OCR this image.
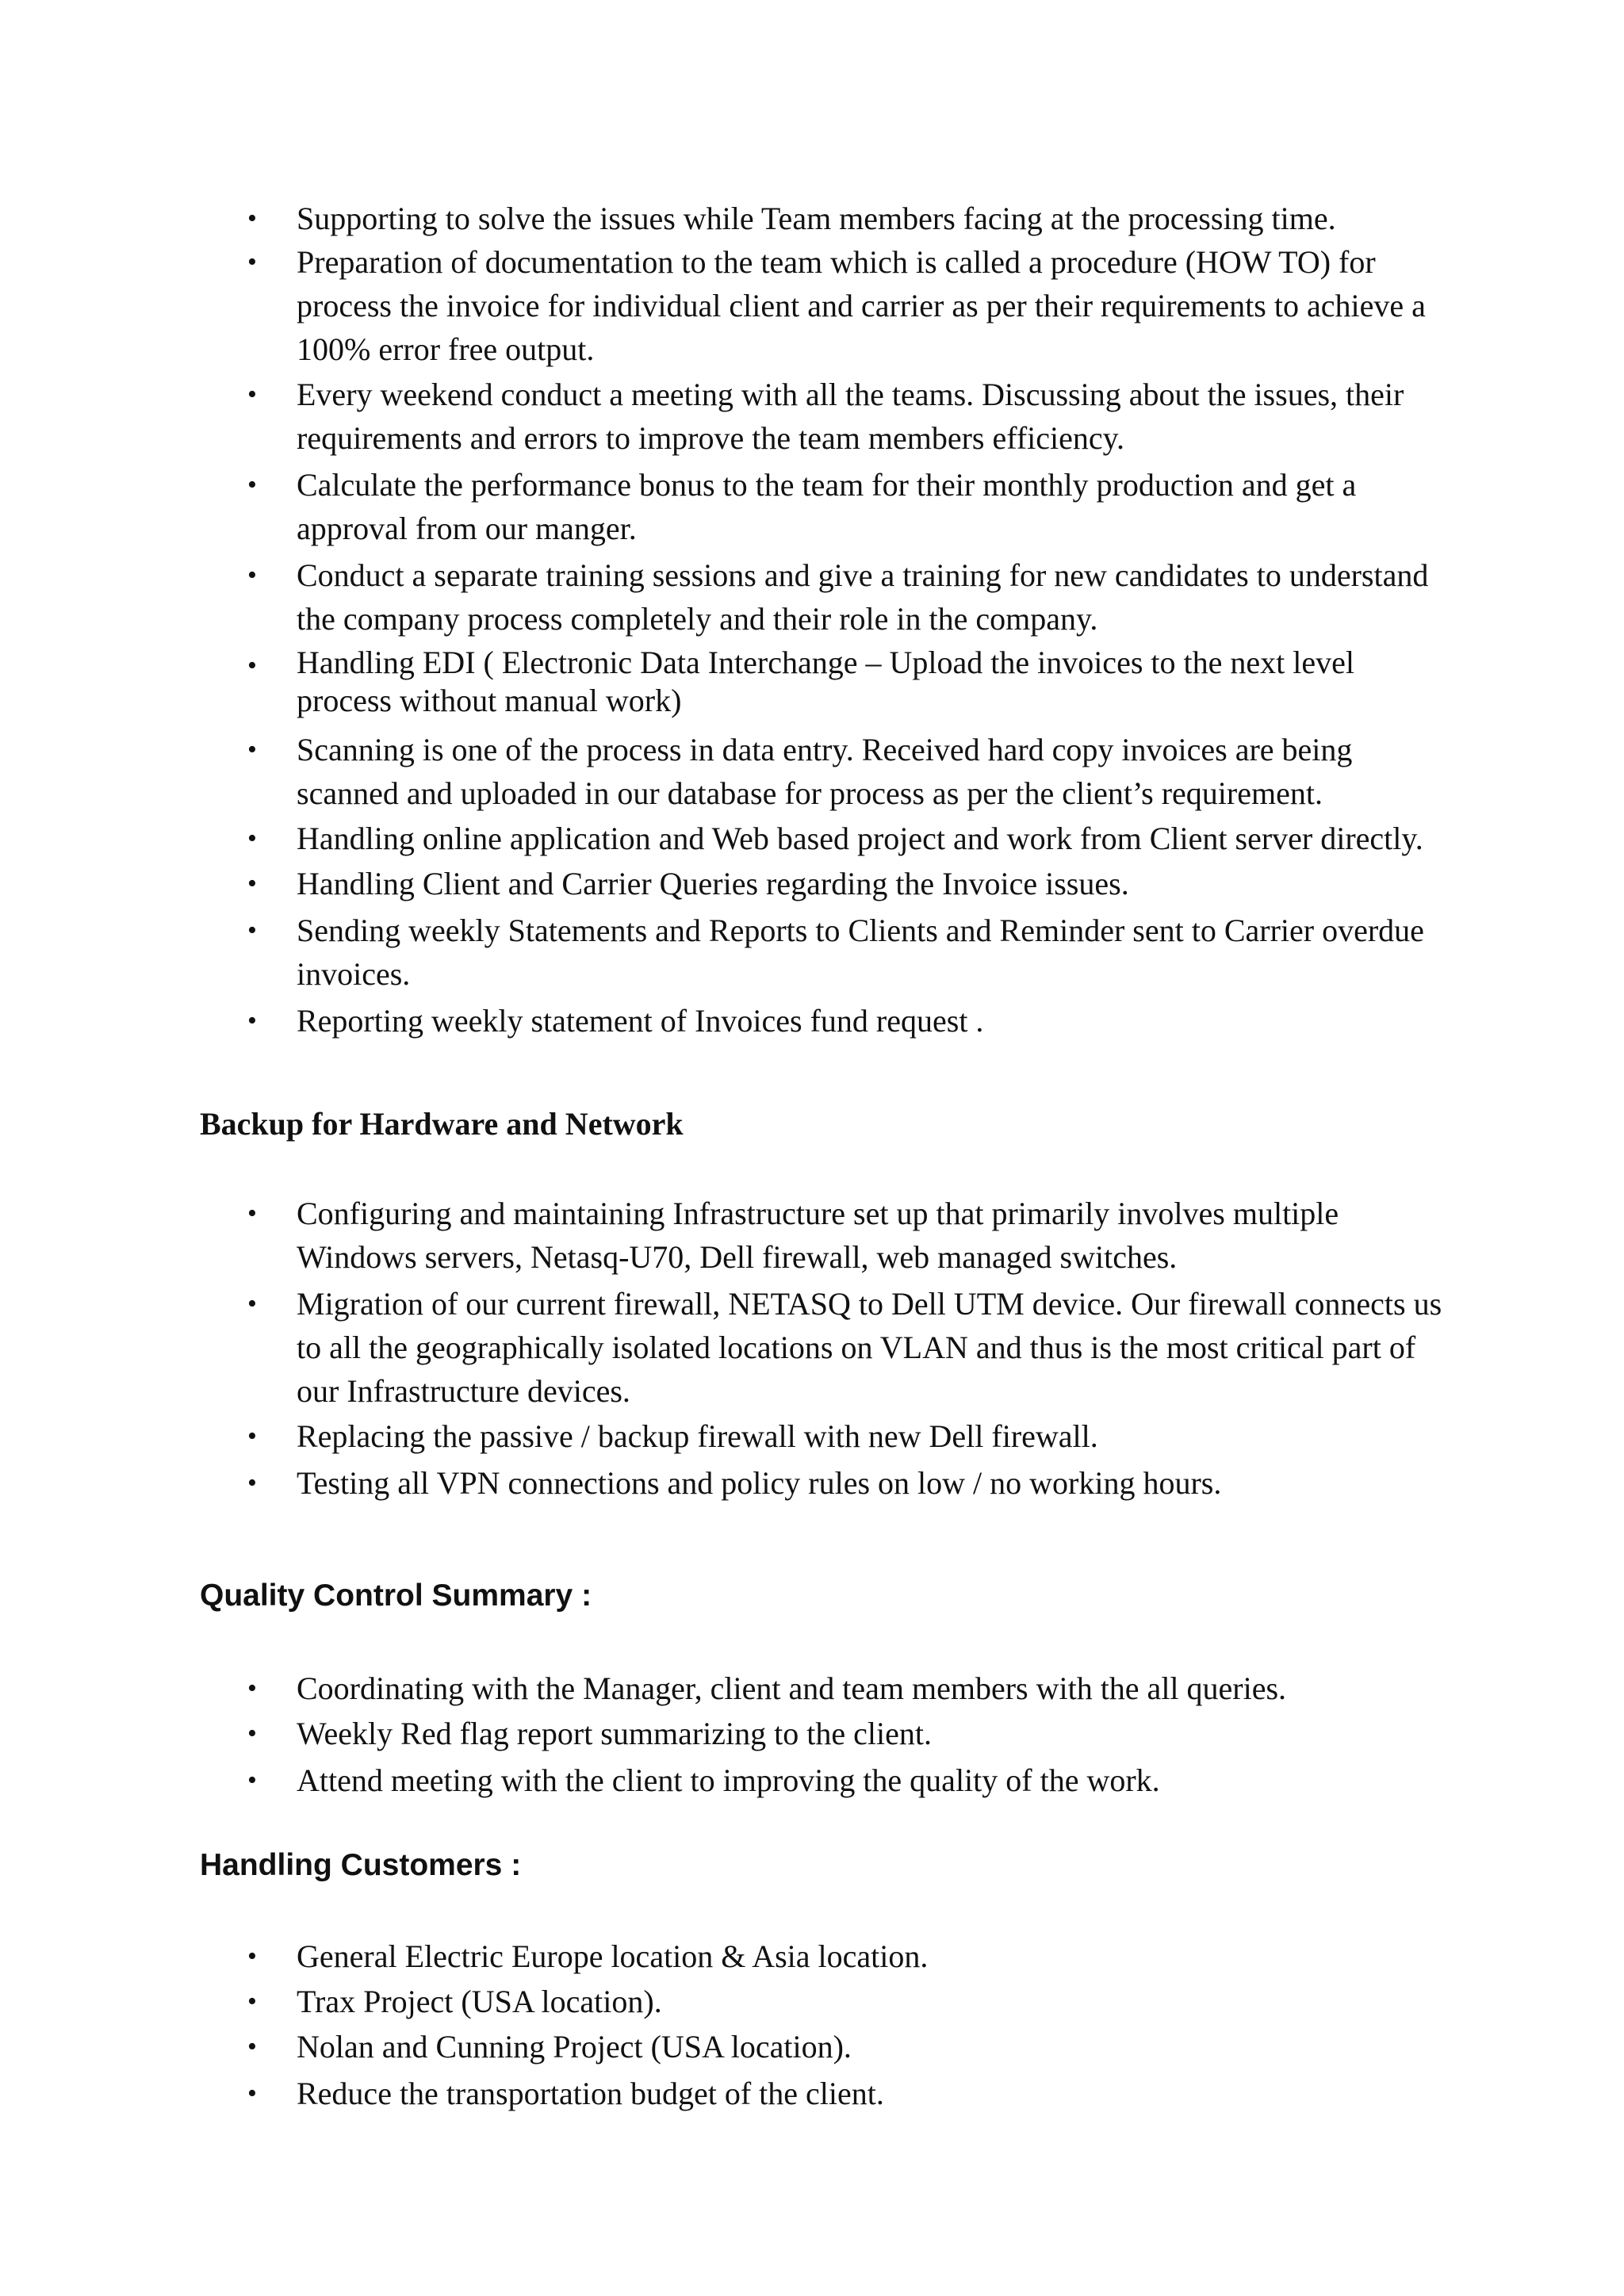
• Supporting to solve the issues while Team members facing at the processing time.
• Preparation of documentation to the team which is called a procedure (HOW TO) for process the invoice for individual client and carrier as per their requirements to achieve a 100% error free output.
• Every weekend conduct a meeting with all the teams. Discussing about the issues, their requirements and errors to improve the team members efficiency.
• Calculate the performance bonus to the team for their monthly production and get a approval from our manger.
• Conduct a separate training sessions and give a training for new candidates to understand the company process completely and their role in the company.
• Handling EDI ( Electronic Data Interchange – Upload the invoices to the next level process without manual work)
• Scanning is one of the process in data entry. Received hard copy invoices are being scanned and uploaded in our database for process as per the client’s requirement.
• Handling online application and Web based project and work from Client server directly.
• Handling Client and Carrier Queries regarding the Invoice issues.
• Sending weekly Statements and Reports to Clients and Reminder sent to Carrier overdue invoices.
• Reporting weekly statement of Invoices fund request .
Backup for Hardware and Network
• Configuring and maintaining Infrastructure set up that primarily involves multiple Windows servers, Netasq-U70, Dell firewall, web managed switches.
• Migration of our current firewall, NETASQ to Dell UTM device. Our firewall connects us to all the geographically isolated locations on VLAN and thus is the most critical part of our Infrastructure devices.
• Replacing the passive / backup firewall with new Dell firewall.
• Testing all VPN connections and policy rules on low / no working hours.
Quality Control Summary :
• Coordinating with the Manager, client and team members with the all queries.
• Weekly Red flag report summarizing to the client.
• Attend meeting with the client to improving the quality of the work.
Handling Customers :
• General Electric Europe location & Asia location.
• Trax Project (USA location).
• Nolan and Cunning Project (USA location).
• Reduce the transportation budget of the client.
